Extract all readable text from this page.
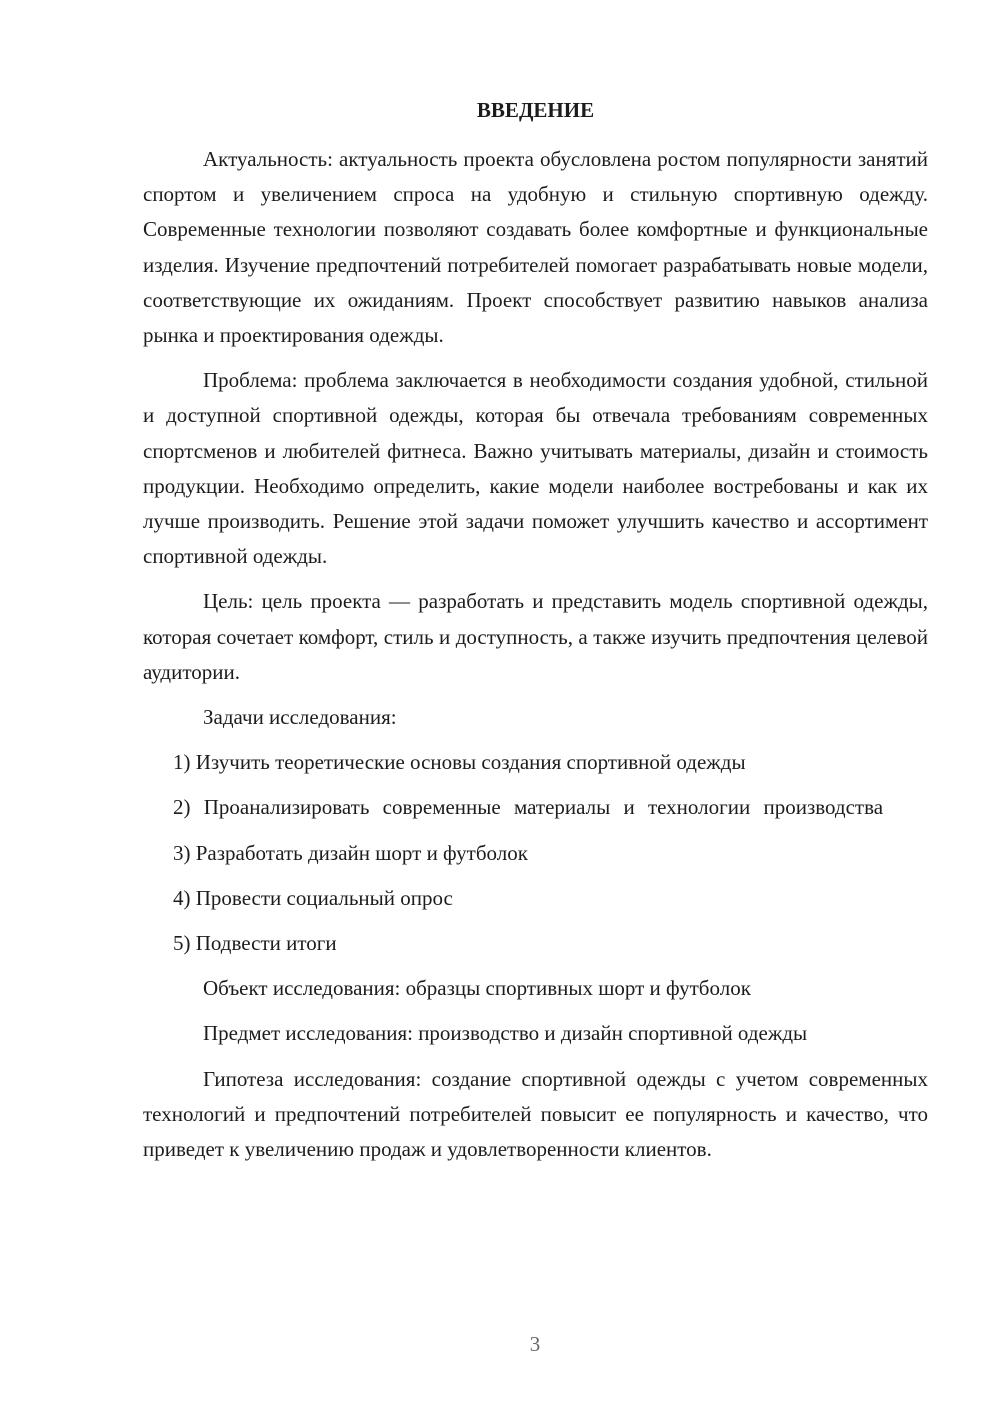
ВВЕДЕНИЕ

Актуальность: актуальность проекта обусловлена ростом популярности занятий спортом и увеличением спроса на удобную и стильную спортивную одежду. Современные технологии позволяют создавать более комфортные и функциональные изделия. Изучение предпочтений потребителей помогает разрабатывать новые модели, соответствующие их ожиданиям. Проект способствует развитию навыков анализа рынка и проектирования одежды.

Проблема: проблема заключается в необходимости создания удобной, стильной и доступной спортивной одежды, которая бы отвечала требованиям современных спортсменов и любителей фитнеса. Важно учитывать материалы, дизайн и стоимость продукции. Необходимо определить, какие модели наиболее востребованы и как их лучше производить. Решение этой задачи поможет улучшить качество и ассортимент спортивной одежды.

Цель: цель проекта — разработать и представить модель спортивной одежды, которая сочетает комфорт, стиль и доступность, а также изучить предпочтения целевой аудитории.

Задачи исследования:

1) Изучить теоретические основы создания спортивной одежды

2) Проанализировать современные материалы и технологии производства

3) Разработать дизайн шорт и футболок

4) Провести социальный опрос

5) Подвести итоги

Объект исследования: образцы спортивных шорт и футболок

Предмет исследования: производство и дизайн спортивной одежды

Гипотеза исследования: создание спортивной одежды с учетом современных технологий и предпочтений потребителей повысит ее популярность и качество, что приведет к увеличению продаж и удовлетворенности клиентов.

3
